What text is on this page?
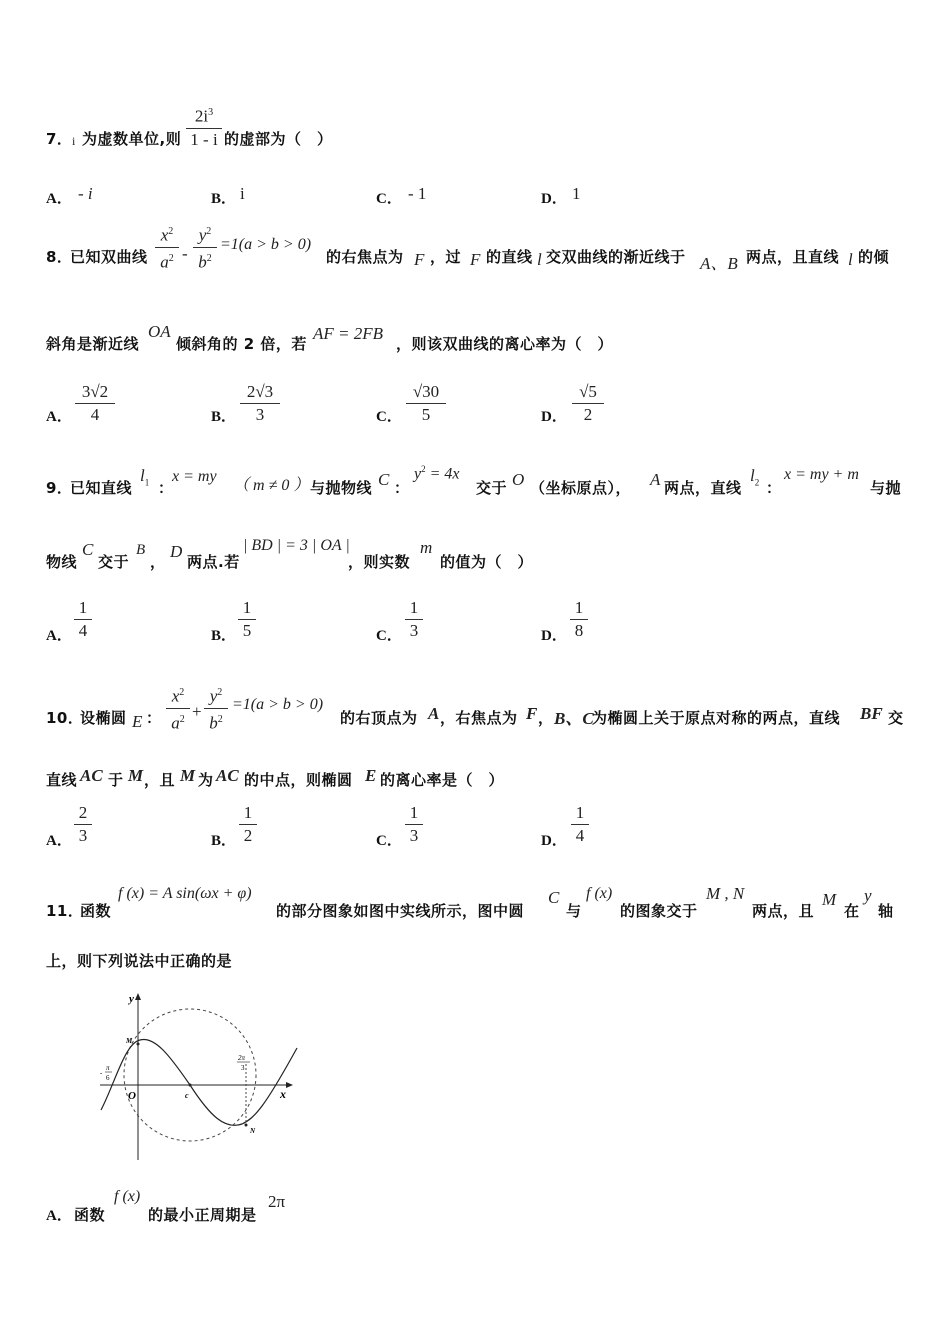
7． i 为虚数单位,则
$2i^3$
1 - i 的虚部为（　）
A． - i	B． i	C． - 1	D． 1
8．
已知双曲线
$x^2$
$a^2$ -
$y^2$
$b^2$
=1(a > b > 0)
的右焦点为 F ，过 F 的直线 l 交双曲线的渐近线于 A、B 两点，且直线 l 的倾
斜角是渐近线
OA
倾斜角的 2 倍，若
AF = 2FB
，则该双曲线的离心率为（　）
A．
3√2
4	B．
2√3
3	C．
√30
5	D．
√5
2
9．
已知直线
$l_1$ ：
x = my
（ m ≠ 0 ） 与抛物线 C ：
$y^2 = 4x$
交于 O （坐标原点）， A 两点，直线
$l_2$ ：
x = my + m
与抛
物线
C
交于
B
，
D
两点.若
| BD | = 3 | OA |
，则实数
m
的值为（　）
A．
1
4	B．
1
5	C．
1
3	D．
1
8
10．
设椭圆 E ：
$x^2$
$a^2$ +
$y^2$
$b^2$
=1(a > b > 0)
的右顶点为 A ，右焦点为 F ， B、C
为椭圆上关于原点对称的两点，直线 BF 交
直线 AC 于 M ，且 M 为 AC 的中点，则椭圆 E 的离心率是（　）
A．
2
3	B．
1
2	C．
1
3	D．
1
4
11．
函数
f (x) = A sin(ωx + φ)
的部分图象如图中实线所示，图中圆
C
与
f (x)
的图象交于
M , N
两点，且
M
在
y
轴
上，则下列说法中正确的是
y
x
O
M
N
c
-
π
6
2π
3
A． 函数
f (x)
的最小正周期是
2π
